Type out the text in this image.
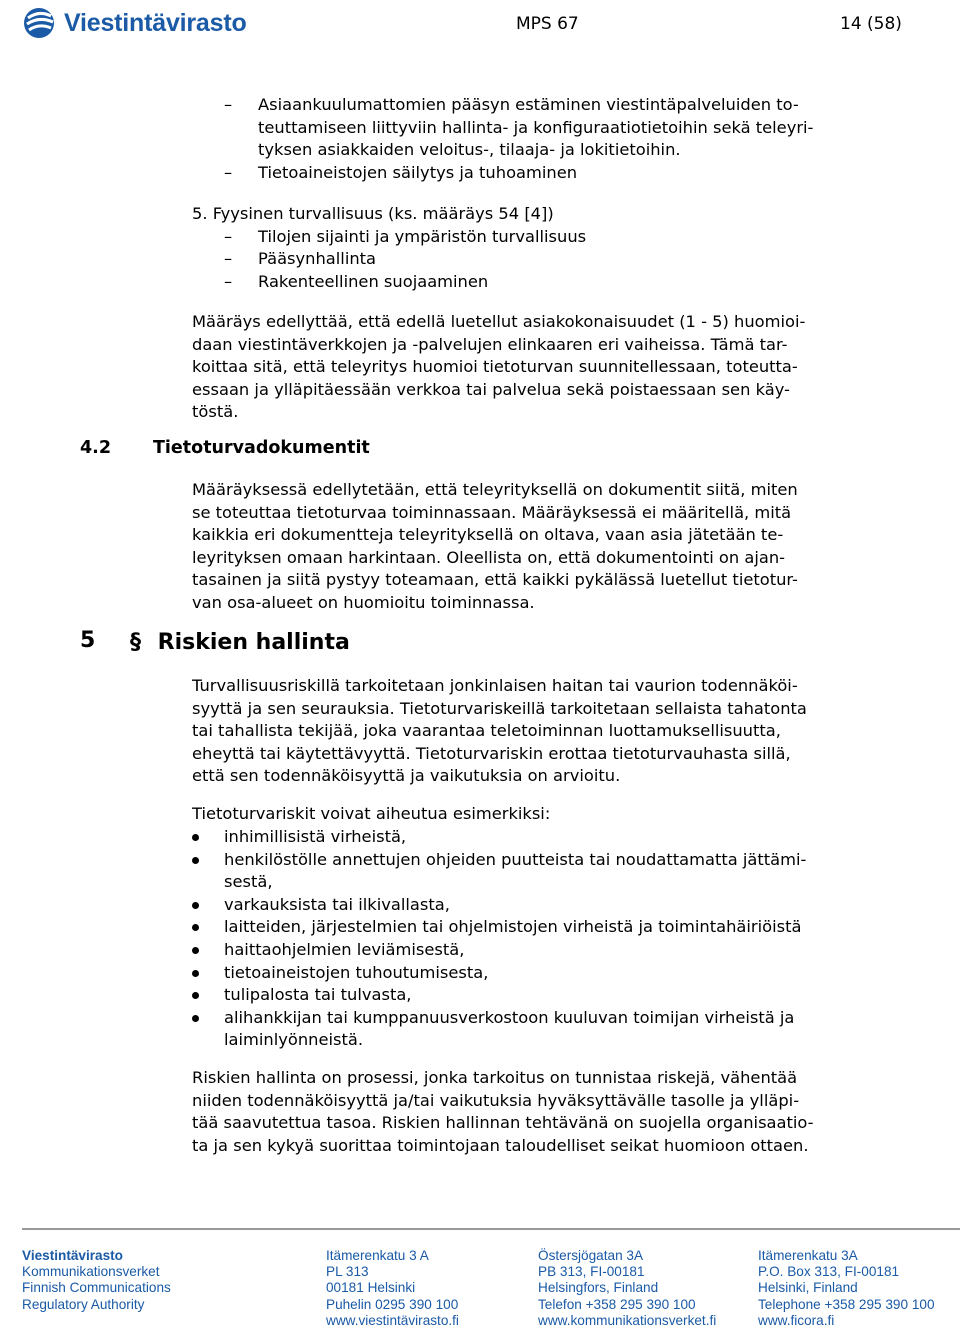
Viestintävirasto	MPS 67	14 (58)
– Asiaankuulumattomien pääsyn estäminen viestintäpalveluiden to-
teuttamiseen liittyviin hallinta- ja konfiguraatiotietoihin sekä teleyri-
tyksen asiakkaiden veloitus-, tilaaja- ja lokitietoihin.
– Tietoaineistojen säilytys ja tuhoaminen
5. Fyysinen turvallisuus (ks. määräys 54 [4])
– Tilojen sijainti ja ympäristön turvallisuus
– Pääsynhallinta
– Rakenteellinen suojaaminen
Määräys edellyttää, että edellä luetellut asiakokonaisuudet (1 - 5) huomioi-
daan viestintäverkkojen ja -palvelujen elinkaaren eri vaiheissa. Tämä tar-
koittaa sitä, että teleyritys huomioi tietoturvan suunnitellessaan, toteutta-
essaan ja ylläpitäessään verkkoa tai palvelua sekä poistaessaan sen käy-
töstä.
4.2 Tietoturvadokumentit
Määräyksessä edellytetään, että teleyrityksellä on dokumentit siitä, miten
se toteuttaa tietoturvaa toiminnassaan. Määräyksessä ei määritellä, mitä
kaikkia eri dokumentteja teleyrityksellä on oltava, vaan asia jätetään te-
leyrityksen omaan harkintaan. Oleellista on, että dokumentointi on ajan-
tasainen ja siitä pystyy toteamaan, että kaikki pykälässä luetellut tietotur-
van osa-alueet on huomioitu toiminnassa.
5 § Riskien hallinta
Turvallisuusriskillä tarkoitetaan jonkinlaisen haitan tai vaurion todennäköi-
syyttä ja sen seurauksia. Tietoturvariskeillä tarkoitetaan sellaista tahatonta
tai tahallista tekijää, joka vaarantaa teletoiminnan luottamuksellisuutta,
eheyttä tai käytettävyyttä. Tietoturvariskin erottaa tietoturvauhasta sillä,
että sen todennäköisyyttä ja vaikutuksia on arvioitu.
Tietoturvariskit voivat aiheutua esimerkiksi:
inhimillisistä virheistä,
henkilöstölle annettujen ohjeiden puutteista tai noudattamatta jättämi-
sestä,
varkauksista tai ilkivallasta,
laitteiden, järjestelmien tai ohjelmistojen virheistä ja toimintahäiriöistä
haittaohjelmien leviämisestä,
tietoaineistojen tuhoutumisesta,
tulipalosta tai tulvasta,
alihankkijan tai kumppanuusverkostoon kuuluvan toimijan virheistä ja
laiminlyönneistä.
Riskien hallinta on prosessi, jonka tarkoitus on tunnistaa riskejä, vähentää
niiden todennäköisyyttä ja/tai vaikutuksia hyväksyttävälle tasolle ja ylläpi-
tää saavutettua tasoa. Riskien hallinnan tehtävänä on suojella organisaatio-
ta ja sen kykyä suorittaa toimintojaan taloudelliset seikat huomioon ottaen.
Viestintävirasto
Kommunikationsverket
Finnish Communications
Regulatory Authority
Itämerenkatu 3 A
PL 313
00181 Helsinki
Puhelin 0295 390 100
www.viestintävirasto.fi
Östersjögatan 3A
PB 313, FI-00181
Helsingfors, Finland
Telefon +358 295 390 100
www.kommunikationsverket.fi
Itämerenkatu 3A
P.O. Box 313, FI-00181
Helsinki, Finland
Telephone +358 295 390 100
www.ficora.fi
